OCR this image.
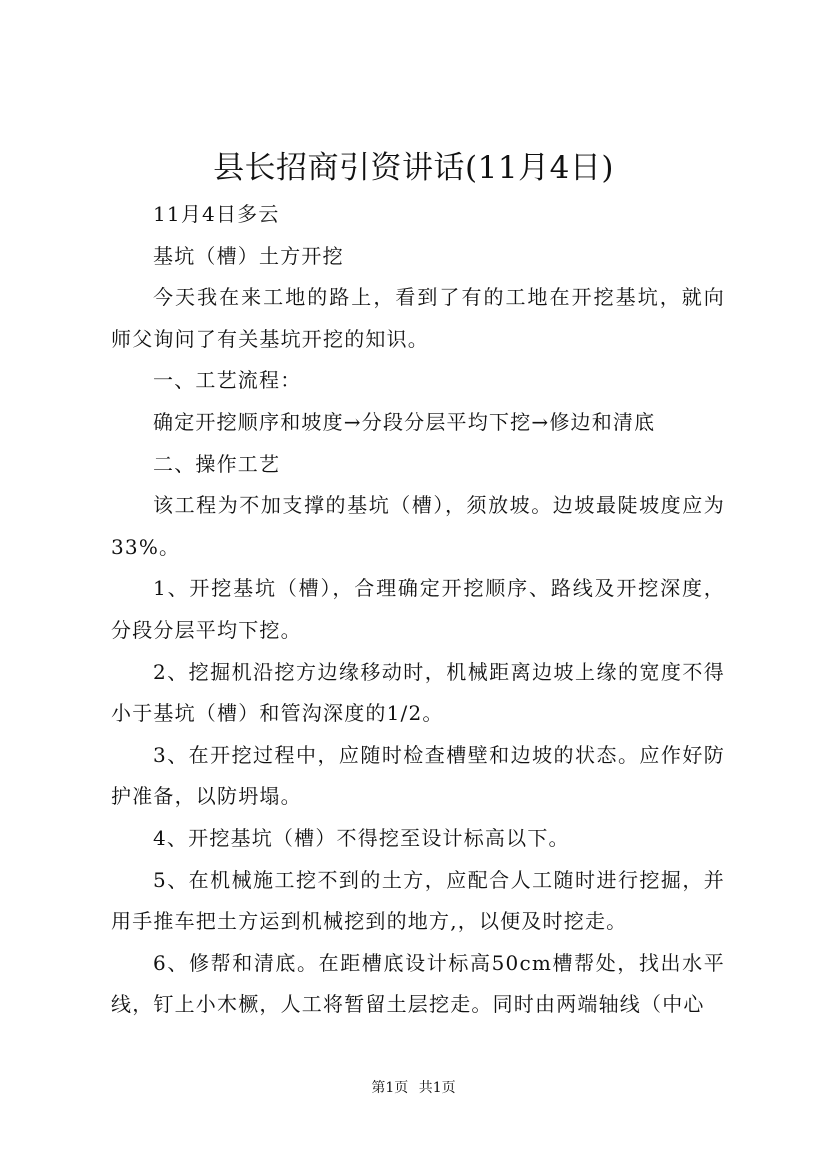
县长招商引资讲话(11月4日)

11月4日多云

基坑（槽）土方开挖

今天我在来工地的路上，看到了有的工地在开挖基坑，就向师父询问了有关基坑开挖的知识。

一、工艺流程：

确定开挖顺序和坡度→分段分层平均下挖→修边和清底

二、操作工艺

该工程为不加支撑的基坑（槽），须放坡。边坡最陡坡度应为33%。

1、开挖基坑（槽），合理确定开挖顺序、路线及开挖深度，分段分层平均下挖。

2、挖掘机沿挖方边缘移动时，机械距离边坡上缘的宽度不得小于基坑（槽）和管沟深度的1/2。

3、在开挖过程中，应随时检查槽壁和边坡的状态。应作好防护准备，以防坍塌。

4、开挖基坑（槽）不得挖至设计标高以下。

5、在机械施工挖不到的土方，应配合人工随时进行挖掘，并用手推车把土方运到机械挖到的地方,，以便及时挖走。

6、修帮和清底。在距槽底设计标高50cm槽帮处，找出水平线，钉上小木橛，人工将暂留土层挖走。同时由两端轴线（中心

第1页 共1页
